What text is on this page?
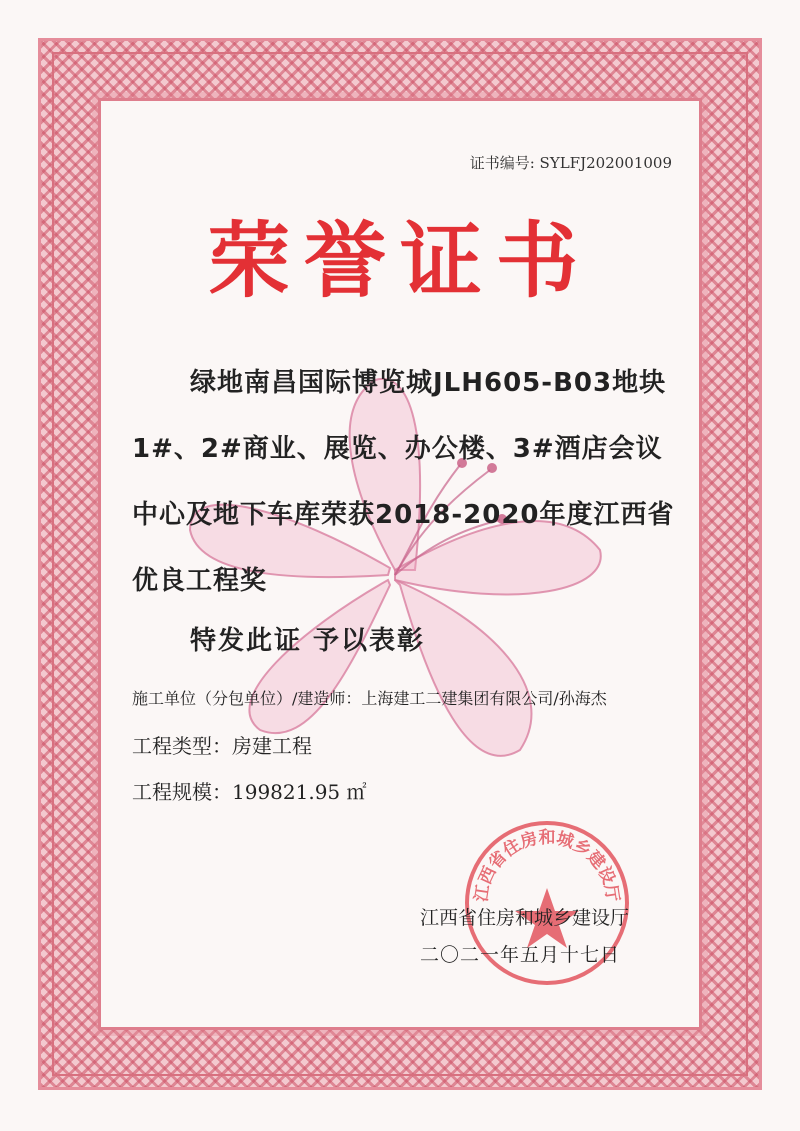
证书编号: SYLFJ202001009
荣誉证书
绿地南昌国际博览城JLH605-B03地块1#、2#商业、展览、办公楼、3#酒店会议中心及地下车库荣获2018-2020年度江西省优良工程奖
特发此证 予以表彰
施工单位（分包单位）/建造师：上海建工二建集团有限公司/孙海杰
工程类型：房建工程
工程规模：199821.95 ㎡
江西省住房和城乡建设厅
江西省住房和城乡建设厅
二〇二一年五月十七日
